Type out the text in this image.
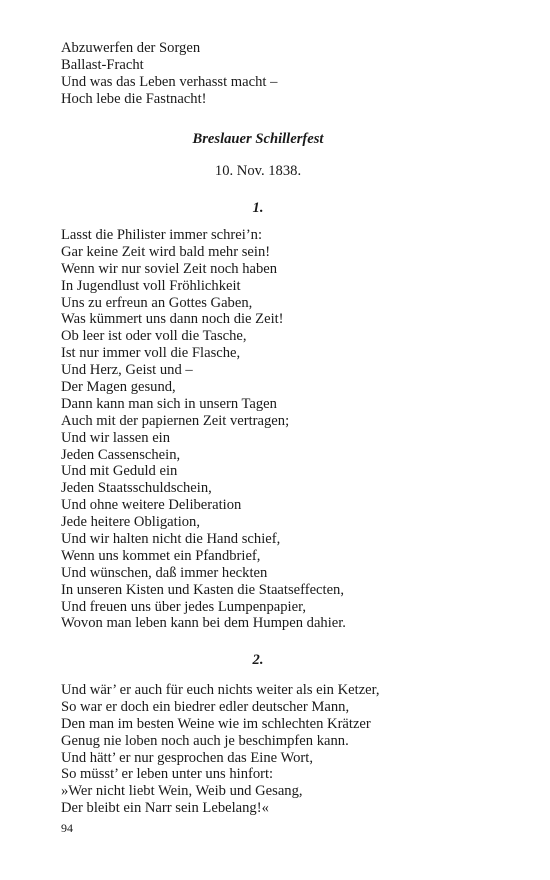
Abzuwerfen der Sorgen
Ballast-Fracht
Und was das Leben verhasst macht –
Hoch lebe die Fastnacht!
Breslauer Schillerfest
10. Nov. 1838.
1.
Lasst die Philister immer schrei’n:
Gar keine Zeit wird bald mehr sein!
Wenn wir nur soviel Zeit noch haben
In Jugendlust voll Fröhlichkeit
Uns zu erfreun an Gottes Gaben,
Was kümmert uns dann noch die Zeit!
Ob leer ist oder voll die Tasche,
Ist nur immer voll die Flasche,
Und Herz, Geist und –
Der Magen gesund,
Dann kann man sich in unsern Tagen
Auch mit der papiernen Zeit vertragen;
Und wir lassen ein
Jeden Cassenschein,
Und mit Geduld ein
Jeden Staatsschuldschein,
Und ohne weitere Deliberation
Jede heitere Obligation,
Und wir halten nicht die Hand schief,
Wenn uns kommet ein Pfandbrief,
Und wünschen, daß immer heckten
In unseren Kisten und Kasten die Staatseffecten,
Und freuen uns über jedes Lumpenpapier,
Wovon man leben kann bei dem Humpen dahier.
2.
Und wär’ er auch für euch nichts weiter als ein Ketzer,
So war er doch ein biedrer edler deutscher Mann,
Den man im besten Weine wie im schlechten Krätzer
Genug nie loben noch auch je beschimpfen kann.
Und hätt’ er nur gesprochen das Eine Wort,
So müsst’ er leben unter uns hinfort:
»Wer nicht liebt Wein, Weib und Gesang,
Der bleibt ein Narr sein Lebelang!«
94
